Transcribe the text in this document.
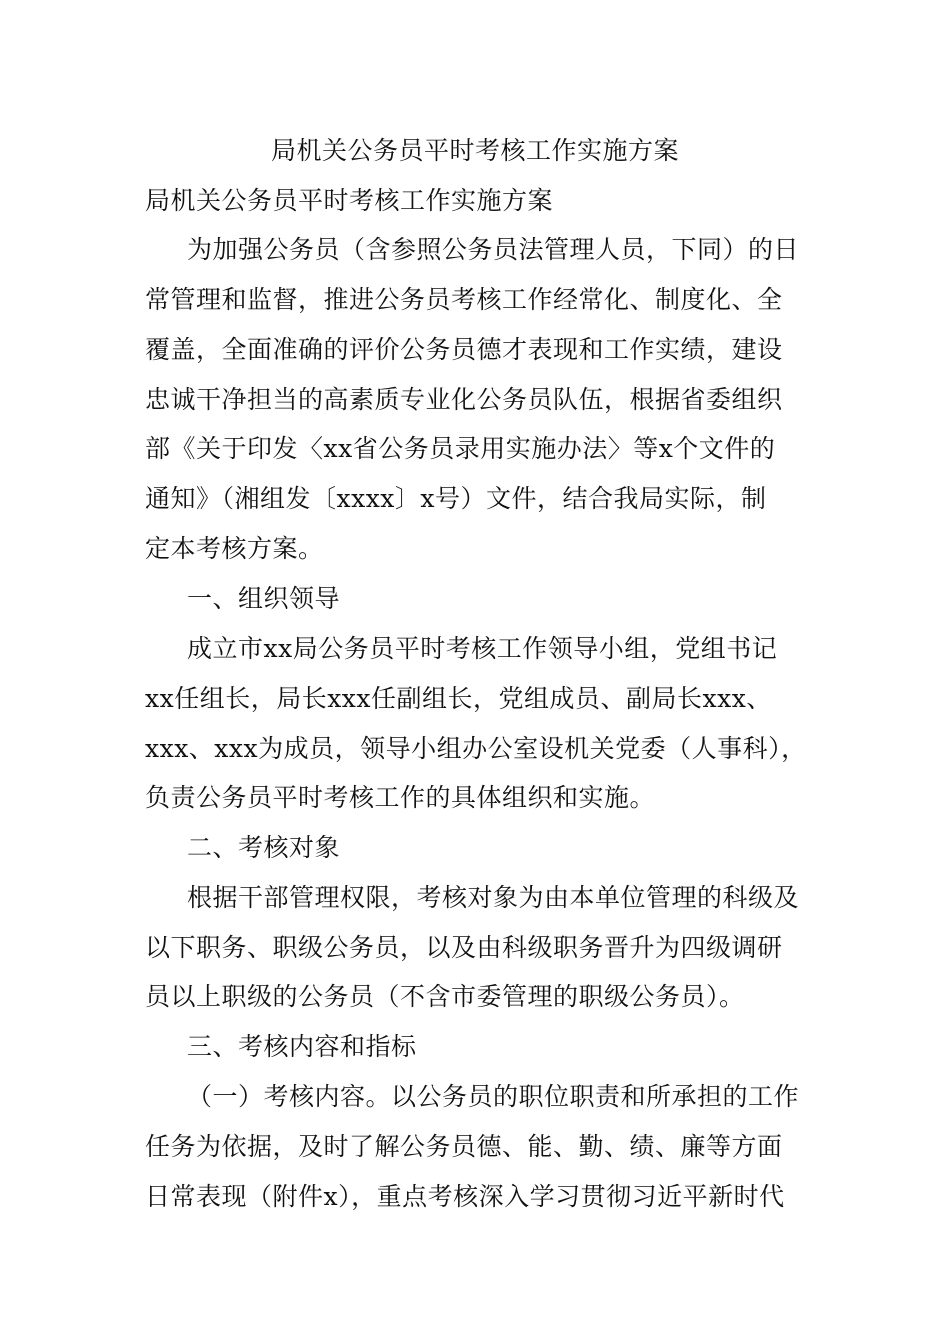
局机关公务员平时考核工作实施方案
局机关公务员平时考核工作实施方案
为加强公务员（含参照公务员法管理人员，下同）的日
常管理和监督，推进公务员考核工作经常化、制度化、全
覆盖，全面准确的评价公务员德才表现和工作实绩，建设
忠诚干净担当的高素质专业化公务员队伍，根据省委组织
部《关于印发〈xx省公务员录用实施办法〉等x个文件的
通知》（湘组发〔xxxx〕x号）文件，结合我局实际，制
定本考核方案。
一、组织领导
成立市xx局公务员平时考核工作领导小组，党组书记
xx任组长，局长xxx任副组长，党组成员、副局长xxx、
xxx、xxx为成员，领导小组办公室设机关党委（人事科），
负责公务员平时考核工作的具体组织和实施。
二、考核对象
根据干部管理权限，考核对象为由本单位管理的科级及
以下职务、职级公务员，以及由科级职务晋升为四级调研
员以上职级的公务员（不含市委管理的职级公务员）。
三、考核内容和指标
（一）考核内容。以公务员的职位职责和所承担的工作
任务为依据，及时了解公务员德、能、勤、绩、廉等方面
日常表现（附件x），重点考核深入学习贯彻习近平新时代
